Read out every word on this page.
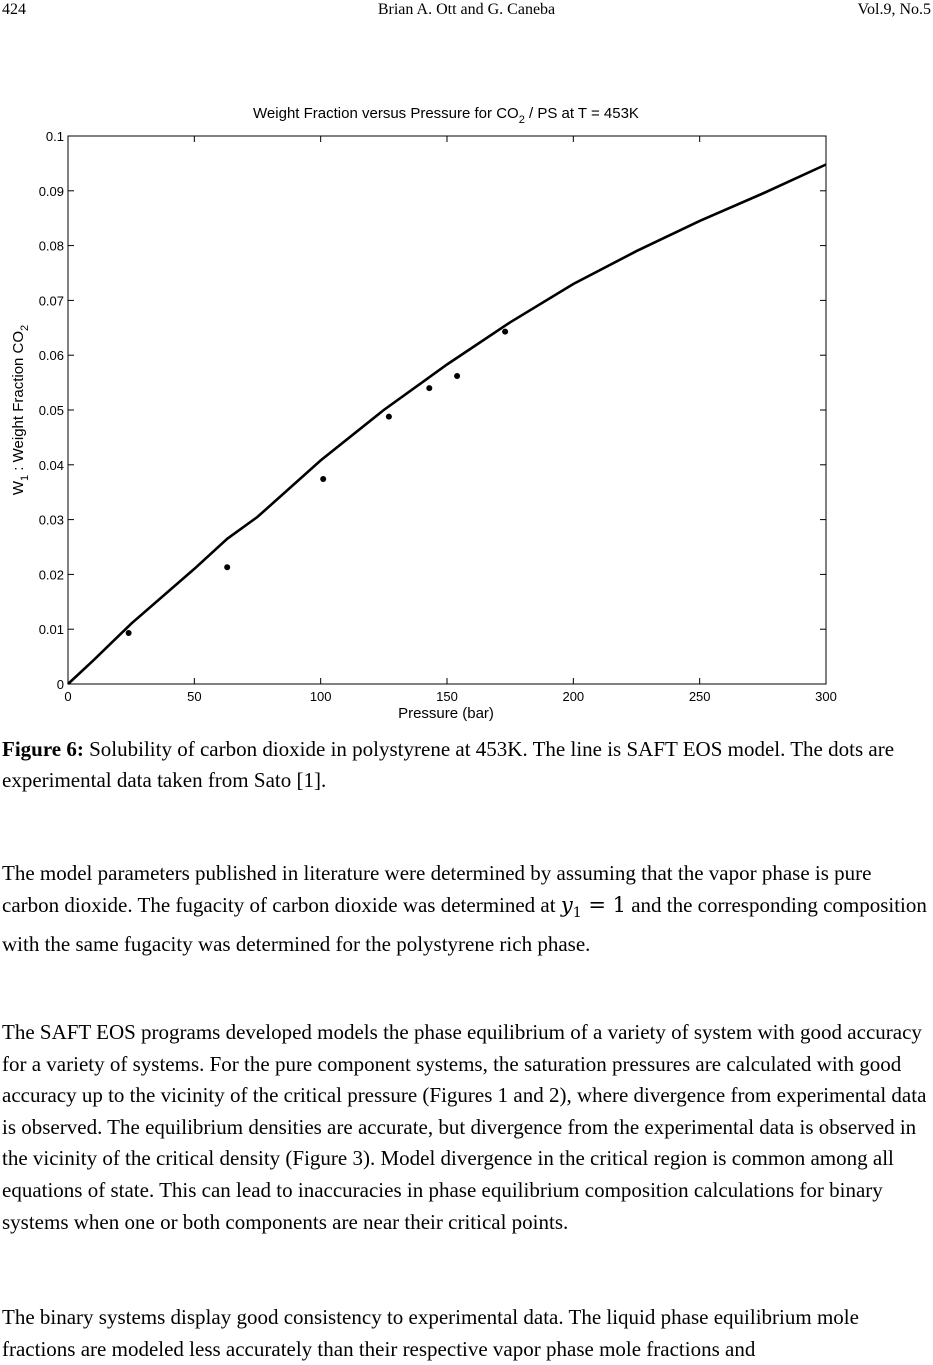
424	Brian A. Ott and G. Caneba	Vol.9, No.5
Weight Fraction versus Pressure for $CO_2$ / PS at T = 453K
0	50	100	150	200	250	300
0
0.01
0.02
0.03
0.04
0.05
0.06
0.07
0.08
0.09
0.1
Pressure (bar)
$W_1$ : Weight Fraction $CO_2$
Figure 6: Solubility of carbon dioxide in polystyrene at 453K. The line is SAFT EOS model. The dots are experimental data taken from Sato [1].
The model parameters published in literature were determined by assuming that the vapor phase is pure carbon dioxide. The fugacity of carbon dioxide was determined at $y_1 = 1$ and the corresponding composition with the same fugacity was determined for the polystyrene rich phase.
The SAFT EOS programs developed models the phase equilibrium of a variety of system with good accuracy for a variety of systems. For the pure component systems, the saturation pressures are calculated with good accuracy up to the vicinity of the critical pressure (Figures 1 and 2), where divergence from experimental data is observed. The equilibrium densities are accurate, but divergence from the experimental data is observed in the vicinity of the critical density (Figure 3). Model divergence in the critical region is common among all equations of state. This can lead to inaccuracies in phase equilibrium composition calculations for binary systems when one or both components are near their critical points.
The binary systems display good consistency to experimental data. The liquid phase equilibrium mole fractions are modeled less accurately than their respective vapor phase mole fractions and
